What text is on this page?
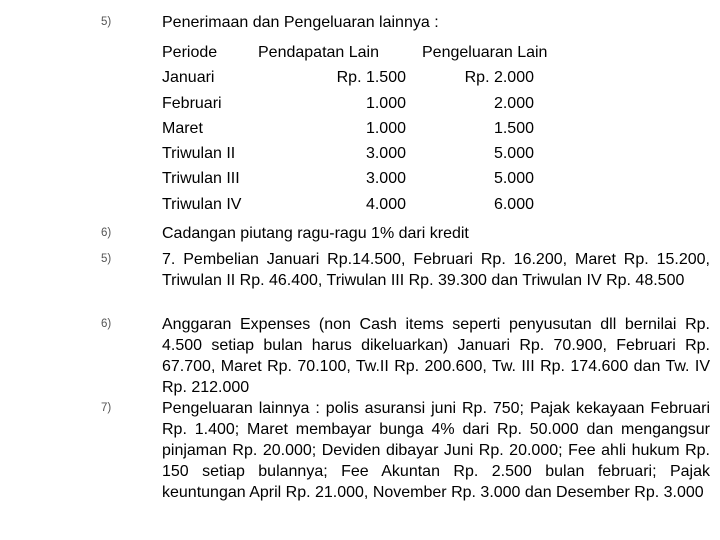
5)	Penerimaan dan Pengeluaran lainnya :
Periode	Pendapatan Lain	Pengeluaran Lain
Januari	Rp. 1.500	Rp. 2.000
Februari	1.000	2.000
Maret	1.000	1.500
Triwulan II	3.000	5.000
Triwulan III	3.000	5.000
Triwulan IV	4.000	6.000
6)	Cadangan piutang ragu-ragu 1% dari kredit
5)	7. Pembelian Januari Rp.14.500, Februari Rp. 16.200, Maret Rp. 15.200, Triwulan II Rp. 46.400, Triwulan III Rp. 39.300 dan Triwulan IV Rp. 48.500
6)	Anggaran Expenses (non Cash items seperti penyusutan dll bernilai Rp. 4.500 setiap bulan harus dikeluarkan) Januari Rp. 70.900, Februari Rp. 67.700, Maret Rp. 70.100, Tw.II Rp. 200.600, Tw. III Rp. 174.600 dan Tw. IV Rp. 212.000
7)	Pengeluaran lainnya : polis asuransi juni Rp. 750; Pajak kekayaan Februari Rp. 1.400; Maret membayar bunga 4% dari Rp. 50.000 dan mengangsur pinjaman Rp. 20.000; Deviden dibayar Juni Rp. 20.000; Fee ahli hukum Rp. 150 setiap bulannya; Fee Akuntan Rp. 2.500 bulan februari; Pajak keuntungan April Rp. 21.000, November Rp. 3.000 dan Desember Rp. 3.000
